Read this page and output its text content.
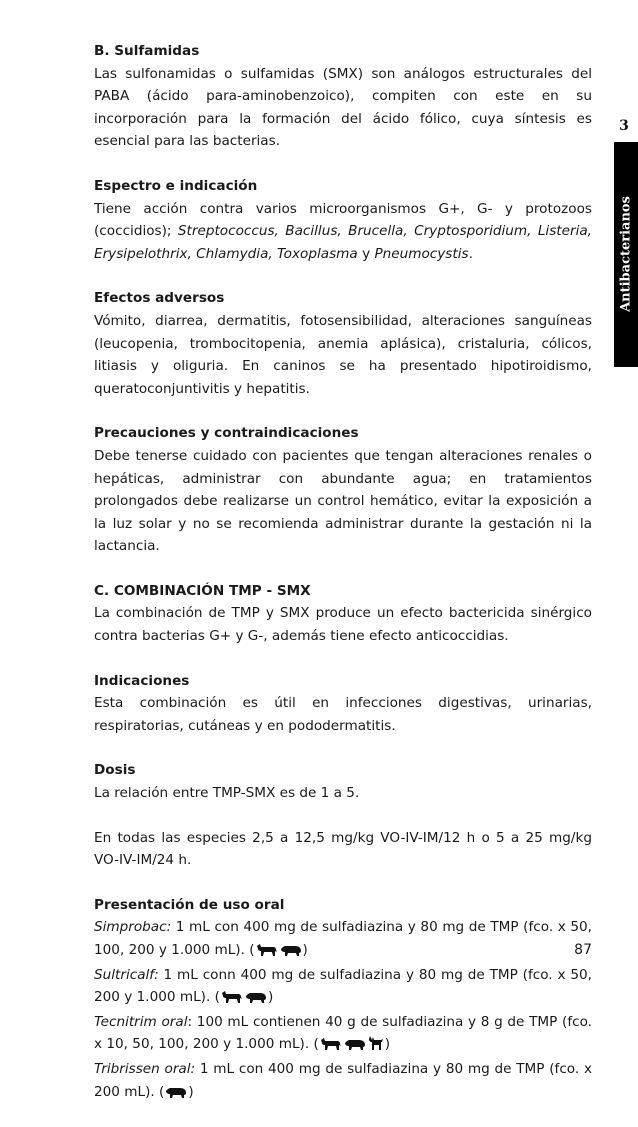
3
Antibacterianos
B. Sulfamidas

Las sulfonamidas o sulfamidas (SMX) son análogos estructurales del PABA (ácido para-aminobenzoico), compiten con este en su incorporación para la formación del ácido fólico, cuya síntesis es esencial para las bacterias.

Espectro e indicación

Tiene acción contra varios microorganismos G+, G- y protozoos (coccidios); Streptococcus, Bacillus, Brucella, Cryptosporidium, Listeria, Erysipelothrix, Chlamydia, Toxoplasma y Pneumocystis.

Efectos adversos

Vómito, diarrea, dermatitis, fotosensibilidad, alteraciones sanguíneas (leucopenia, trombocitopenia, anemia aplásica), cristaluria, cólicos, litiasis y oliguria. En caninos se ha presentado hipotiroidismo, queratoconjuntivitis y hepatitis.

Precauciones y contraindicaciones

Debe tenerse cuidado con pacientes que tengan alteraciones renales o hepáticas, administrar con abundante agua; en tratamientos prolongados debe realizarse un control hemático, evitar la exposición a la luz solar y no se recomienda administrar durante la gestación ni la lactancia.

C. COMBINACIÓN TMP - SMX

La combinación de TMP y SMX produce un efecto bactericida sinérgico contra bacterias G+ y G-, además tiene efecto anticoccidias.

Indicaciones

Esta combinación es útil en infecciones digestivas, urinarias, respiratorias, cutáneas y en pododermatitis.

Dosis

La relación entre TMP-SMX es de 1 a 5.

En todas las especies 2,5 a 12,5 mg/kg VO-IV-IM/12 h o 5 a 25 mg/kg VO-IV-IM/24 h.

Presentación de uso oral

Simprobac: 1 mL con 400 mg de sulfadiazina y 80 mg de TMP (fco. x 50, 100, 200 y 1.000 mL). (	)

Sultricalf: 1 mL conn 400 mg de sulfadiazina y 80 mg de TMP (fco. x 50, 200 y 1.000 mL). (	)

Tecnitrim oral: 100 mL contienen 40 g de sulfadiazina y 8 g de TMP (fco. x 10, 50, 100, 200 y 1.000 mL). (	)

Tribrissen oral: 1 mL con 400 mg de sulfadiazina y 80 mg de TMP (fco. x 200 mL). ( )

87
